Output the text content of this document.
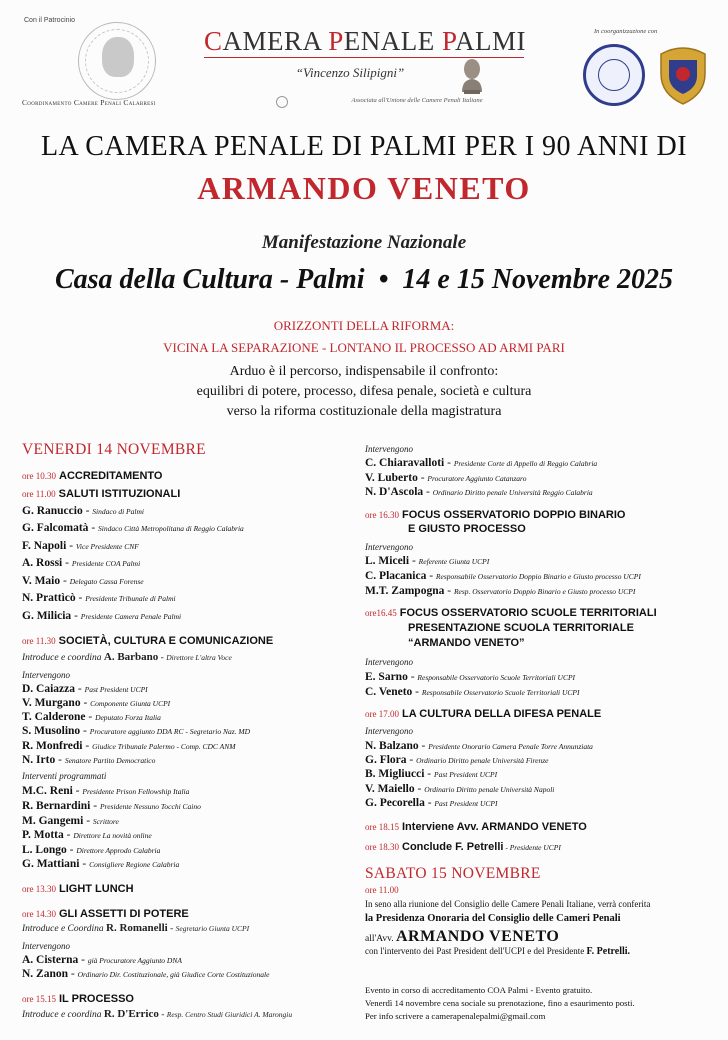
Con il Patrocinio
Coordinamento Camere Penali Calabresi
CAMERA PENALE PALMI
“Vincenzo Silipigni”
Associata all'Unione delle Camere Penali Italiane
In coorganizzazione con
LA CAMERA PENALE DI PALMI PER I 90 ANNI DI
ARMANDO VENETO
Manifestazione Nazionale
Casa della Cultura - Palmi • 14 e 15 Novembre 2025
ORIZZONTI DELLA RIFORMA:
VICINA LA SEPARAZIONE - LONTANO IL PROCESSO AD ARMI PARI
Arduo è il percorso, indispensabile il confronto:
equilibri di potere, processo, difesa penale, società e cultura
verso la riforma costituzionale della magistratura
VENERDI 14 NOVEMBRE
ore 10.30 ACCREDITAMENTO
ore 11.00 SALUTI ISTITUZIONALI
G. Ranuccio - Sindaco di Palmi
G. Falcomatà - Sindaco Città Metropolitana di Reggio Calabria
F. Napoli - Vice Presidente CNF
A. Rossi - Presidente COA Palmi
V. Maio - Delegato Cassa Forense
N. Prattìcò - Presidente Tribunale di Palmi
G. Milicia - Presidente Camera Penale Palmi
ore 11.30 SOCIETÀ, CULTURA E COMUNICAZIONE
Introduce e coordina A. Barbano - Direttore L'altra Voce
Intervengono
D. Caiazza - Past President UCPI
V. Murgano - Componente Giunta UCPI
T. Calderone - Deputato Forza Italia
S. Musolino - Procuratore aggiunto DDA RC - Segretario Naz. MD
R. Monfredi - Giudice Tribunale Palermo - Comp. CDC ANM
N. Irto - Senatore Partito Democratico
Interventi programmati
M.C. Reni - Presidente Prison Fellowship Italia
R. Bernardini - Presidente Nessuno Tocchi Caino
M. Gangemi - Scrittore
P. Motta - Direttore La novità online
L. Longo - Direttore Approdo Calabria
G. Mattiani - Consigliere Regione Calabria
ore 13.30 LIGHT LUNCH
ore 14.30 GLI ASSETTI DI POTERE
Introduce e Coordina R. Romanelli - Segretario Giunta UCPI
Intervengono
A. Cisterna - già Procuratore Aggiunto DNA
N. Zanon - Ordinario Dir. Costituzionale, già Giudice Corte Costituzionale
ore 15.15 IL PROCESSO
Introduce e coordina R. D'Errico - Resp. Centro Studi Giuridici A. Marongiu
Intervengono
C. Chiaravalloti - Presidente Corte di Appello di Reggio Calabria
V. Luberto - Procuratore Aggiunto Catanzaro
N. D'Ascola - Ordinario Diritto penale Università Reggio Calabria
ore 16.30 FOCUS OSSERVATORIO DOPPIO BINARIO
E GIUSTO PROCESSO
Intervengono
L. Miceli - Referente Giunta UCPI
C. Placanica - Responsabile Osservatorio Doppio Binario e Giusto processo UCPI
M.T. Zampogna - Resp. Osservatorio Doppio Binario e Giusto processo UCPI
ore16.45 FOCUS OSSERVATORIO SCUOLE TERRITORIALI
PRESENTAZIONE SCUOLA TERRITORIALE
“ARMANDO VENETO”
Intervengono
E. Sarno - Responsabile Osservatorio Scuole Territoriali UCPI
C. Veneto - Responsabile Osservatorio Scuole Territoriali UCPI
ore 17.00 LA CULTURA DELLA DIFESA PENALE
Intervengono
N. Balzano - Presidente Onorario Camera Penale Torre Annunziata
G. Flora - Ordinario Diritto penale Università Firenze
B. Migliucci - Past President UCPI
V. Maiello - Ordinario Diritto penale Università Napoli
G. Pecorella - Past President UCPI
ore 18.15 Interviene Avv. ARMANDO VENETO
ore 18.30 Conclude F. Petrelli - Presidente UCPI
SABATO 15 NOVEMBRE
ore 11.00
In seno alla riunione del Consiglio delle Camere Penali Italiane, verrà conferita
la Presidenza Onoraria del Consiglio delle Cameri Penali
all'Avv. ARMANDO VENETO
con l'intervento dei Past President dell'UCPI e del Presidente F. Petrelli.
Evento in corso di accreditamento COA Palmi - Evento gratuito.
Venerdì 14 novembre cena sociale su prenotazione, fino a esaurimento posti.
Per info scrivere a camerapenalepalmi@gmail.com
